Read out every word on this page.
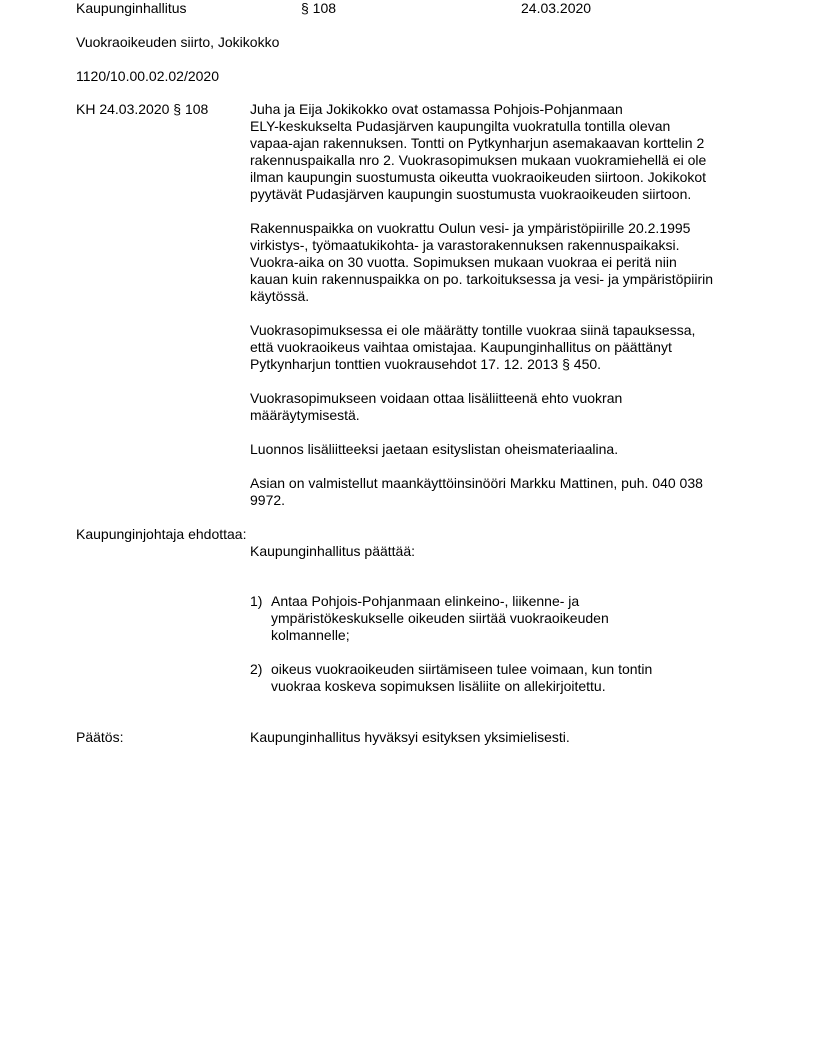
Kaupunginhallitus	§ 108	24.03.2020
Vuokraoikeuden siirto, Jokikokko
1120/10.00.02.02/2020
KH 24.03.2020 § 108	Juha ja Eija Jokikokko ovat ostamassa Pohjois-Pohjanmaan
ELY-keskukselta Pudasjärven kaupungilta vuokratulla tontilla olevan
vapaa-ajan rakennuksen. Tontti on Pytkynharjun asemakaavan korttelin 2
rakennuspaikalla nro 2. Vuokrasopimuksen mukaan vuokramiehellä ei ole
ilman kaupungin suostumusta oikeutta vuokraoikeuden siirtoon. Jokikokot
pyytävät Pudasjärven kaupungin suostumusta vuokraoikeuden siirtoon.
Rakennuspaikka on vuokrattu Oulun vesi- ja ympäristöpiirille 20.2.1995
virkistys-, työmaatukikohta- ja varastorakennuksen rakennuspaikaksi.
Vuokra-aika on 30 vuotta. Sopimuksen mukaan vuokraa ei peritä niin
kauan kuin rakennuspaikka on po. tarkoituksessa ja vesi- ja ympäristöpiirin
käytössä.
Vuokrasopimuksessa ei ole määrätty tontille vuokraa siinä tapauksessa,
että vuokraoikeus vaihtaa omistajaa. Kaupunginhallitus on päättänyt
Pytkynharjun tonttien vuokrausehdot 17. 12. 2013 § 450.
Vuokrasopimukseen voidaan ottaa lisäliitteenä ehto vuokran
määräytymisestä.
Luonnos lisäliitteeksi jaetaan esityslistan oheismateriaalina.
Asian on valmistellut maankäyttöinsinööri Markku Mattinen, puh. 040 038
9972.
Kaupunginjohtaja ehdottaa:
Kaupunginhallitus päättää:
1) Antaa Pohjois-Pohjanmaan elinkeino-, liikenne- ja
ympäristökeskukselle oikeuden siirtää vuokraoikeuden
kolmannelle;
2) oikeus vuokraoikeuden siirtämiseen tulee voimaan, kun tontin
vuokraa koskeva sopimuksen lisäliite on allekirjoitettu.
Päätös:	Kaupunginhallitus hyväksyi esityksen yksimielisesti.
